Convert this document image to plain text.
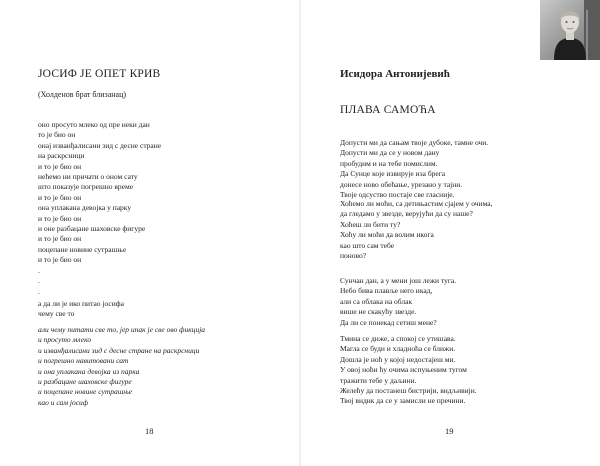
ЈОСИФ ЈЕ ОПЕТ КРИВ
(Холденов брат близанац)
оно просуто млеко од пре неки дан
то је био он
онај изванђалисани зид с десне стране
на раскрсници
и то је био он
нећемо ни причати о оном сату
што показује погрешно време
и то је био он
она уплакана девојка у парку
и то је био он
и оне разбацане шаховске фигуре
и то је био он
поцепане новине сутрашње
и то је био он
.
.
.
а да ли је ико питао јосифа
чему све то
али чему питати све то, јер ипак је све ово фикција
и просуто млеко
и изванђалисани зид с десне стране на раскрсници
и погрешно навитовани сат
и она уплакана девојка из парка
и разбацане шаховске фигуре
и поцепане новине сутрашње
као и сам јосиф
18
Исидора Антонијевић
ПЛАВА САМОЋА
Допусти ми да сањам твоје дубоке, тамне очи.
Допусти ми да се у новом дану
пробудим и на тебе помислим.
Да Сунце које извирује иза брега
донесе ново обећање, урезано у тајни.
Твоје одсуство постаје све гласније.
Хоћемо ли моћи, са детињастим сјајем у очима,
да гледамо у звезде, верујући да су наше?
Хоћеш ли бити ту?
Хоћу ли моћи да волим икога
као што сам тебе
поново?
Сунчан дан, а у мени још лежи туга.
Небо бива плавље него икад,
али са облака на облак
више не скакућу звезде.
Да ли се понекад сетиш мене?
Тмина се диже, а спокој се утишава.
Магла се буди и хладноћа се ближи.
Дошла је ноћ у којој недостајеш ми.
У овој ноћи ћу очима испуњеним тугом
тражити тебе у даљини.
Желећу да постанеш бистрији, видљивији.
Твој видик да се у замисли не пречини.
19
